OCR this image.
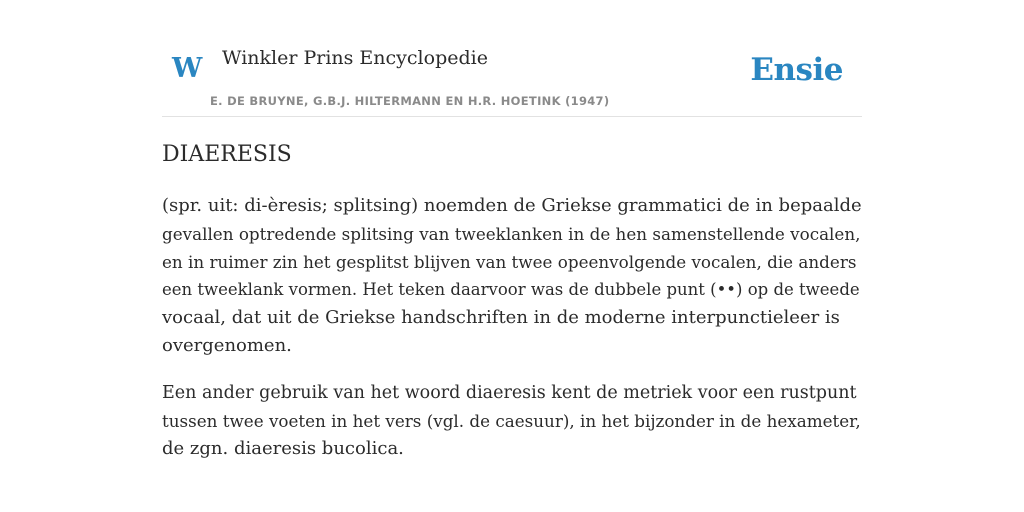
W Winkler Prins Encyclopedie
E. DE BRUYNE, G.B.J. HILTERMANN EN H.R. HOETINK (1947)
Ensie
DIAERESIS

(spr. uit: di-èresis; splitsing) noemden de Griekse grammatici de in bepaalde
gevallen optredende splitsing van tweeklanken in de hen samenstellende vocalen,
en in ruimer zin het gesplitst blijven van twee opeenvolgende vocalen, die anders
een tweeklank vormen. Het teken daarvoor was de dubbele punt (••) op de tweede
vocaal, dat uit de Griekse handschriften in de moderne interpunctieleer is
overgenomen.

Een ander gebruik van het woord diaeresis kent de metriek voor een rustpunt
tussen twee voeten in het vers (vgl. de caesuur), in het bijzonder in de hexameter,
de zgn. diaeresis bucolica.
